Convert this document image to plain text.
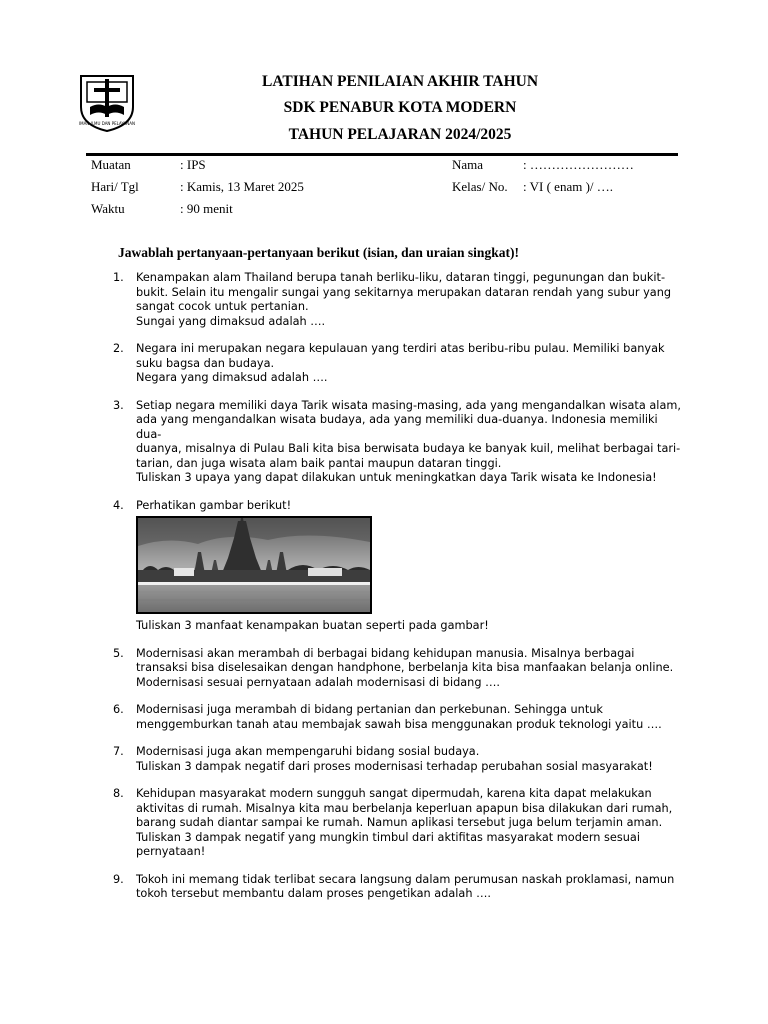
IMAN ILMU DAN PELAYANAN
LATIHAN PENILAIAN AKHIR TAHUN
SDK PENABUR KOTA MODERN
TAHUN PELAJARAN 2024/2025
Muatan	: IPS
Hari/ Tgl	: Kamis, 13 Maret 2025
Waktu	: 90 menit
Nama	: ……………………
Kelas/ No. : VI ( enam )/ ….
Jawablah pertanyaan-pertanyaan berikut (isian, dan uraian singkat)!
1.	Kenampakan alam Thailand berupa tanah berliku-liku, dataran tinggi, pegunungan dan bukit-

bukit. Selain itu mengalir sungai yang sekitarnya merupakan dataran rendah yang subur yang

sangat cocok untuk pertanian.

Sungai yang dimaksud adalah ….

2.	Negara ini merupakan negara kepulauan yang terdiri atas beribu-ribu pulau. Memiliki banyak

suku bagsa dan budaya.

Negara yang dimaksud adalah ….

3.	Setiap negara memiliki daya Tarik wisata masing-masing, ada yang mengandalkan wisata alam,

ada yang mengandalkan wisata budaya, ada yang memiliki dua-duanya. Indonesia memiliki dua-

duanya, misalnya di Pulau Bali kita bisa berwisata budaya ke banyak kuil, melihat berbagai tari-

tarian, dan juga wisata alam baik pantai maupun dataran tinggi.

Tuliskan 3 upaya yang dapat dilakukan untuk meningkatkan daya Tarik wisata ke Indonesia!

4.	Perhatikan gambar berikut!

Tuliskan 3 manfaat kenampakan buatan seperti pada gambar!

5.	Modernisasi akan merambah di berbagai bidang kehidupan manusia. Misalnya berbagai

transaksi bisa diselesaikan dengan handphone, berbelanja kita bisa manfaakan belanja online.

Modernisasi sesuai pernyataan adalah modernisasi di bidang ….

6.	Modernisasi juga merambah di bidang pertanian dan perkebunan. Sehingga untuk

menggemburkan tanah atau membajak sawah bisa menggunakan produk teknologi yaitu ….

7.	Modernisasi juga akan mempengaruhi bidang sosial budaya.

Tuliskan 3 dampak negatif dari proses modernisasi terhadap perubahan sosial masyarakat!

8.	Kehidupan masyarakat modern sungguh sangat dipermudah, karena kita dapat melakukan

aktivitas di rumah. Misalnya kita mau berbelanja keperluan apapun bisa dilakukan dari rumah,

barang sudah diantar sampai ke rumah. Namun aplikasi tersebut juga belum terjamin aman.

Tuliskan 3 dampak negatif yang mungkin timbul dari aktifitas masyarakat modern sesuai

pernyataan!

9.	Tokoh ini memang tidak terlibat secara langsung dalam perumusan naskah proklamasi, namun

tokoh tersebut membantu dalam proses pengetikan adalah ….
